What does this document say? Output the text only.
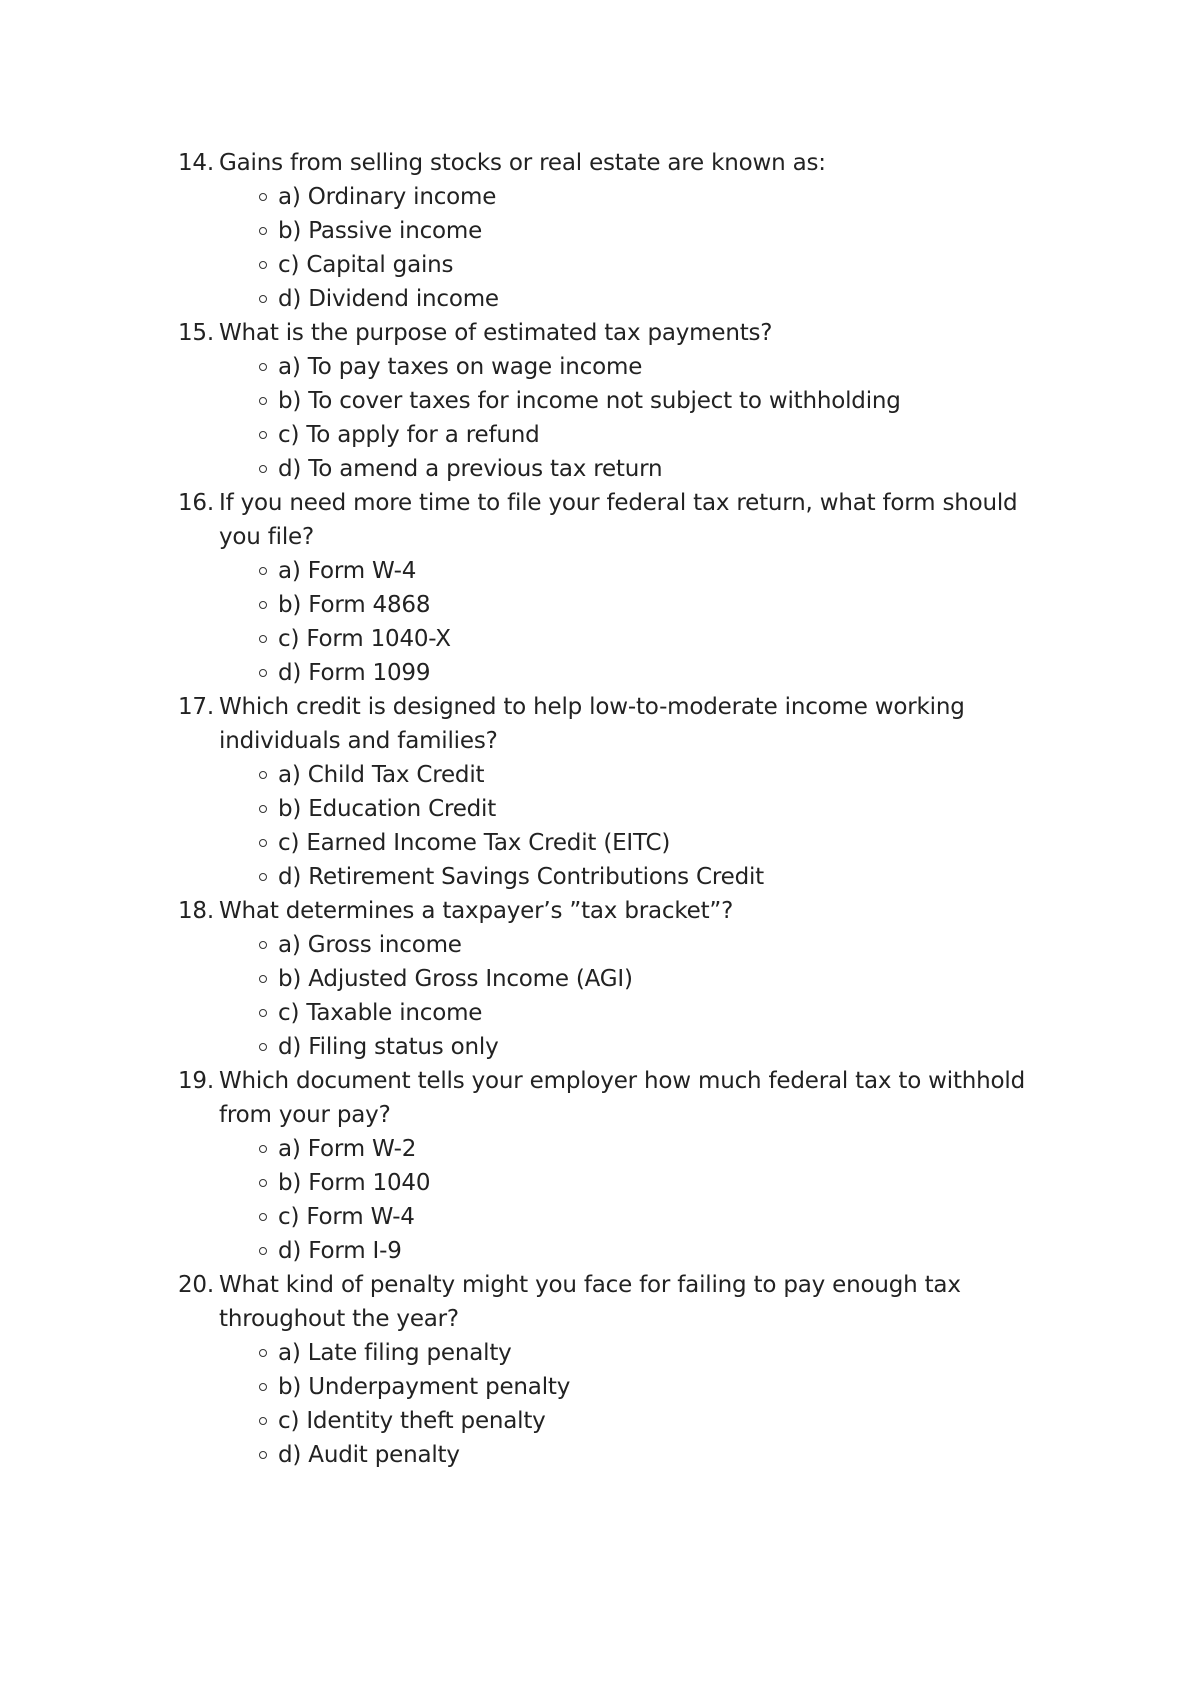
14. Gains from selling stocks or real estate are known as:
a) Ordinary income
b) Passive income
c) Capital gains
d) Dividend income
15. What is the purpose of estimated tax payments?
a) To pay taxes on wage income
b) To cover taxes for income not subject to withholding
c) To apply for a refund
d) To amend a previous tax return
16. If you need more time to file your federal tax return, what form should you file?
a) Form W-4
b) Form 4868
c) Form 1040-X
d) Form 1099
17. Which credit is designed to help low-to-moderate income working individuals and families?
a) Child Tax Credit
b) Education Credit
c) Earned Income Tax Credit (EITC)
d) Retirement Savings Contributions Credit
18. What determines a taxpayer’s ”tax bracket”?
a) Gross income
b) Adjusted Gross Income (AGI)
c) Taxable income
d) Filing status only
19. Which document tells your employer how much federal tax to withhold from your pay?
a) Form W-2
b) Form 1040
c) Form W-4
d) Form I-9
20. What kind of penalty might you face for failing to pay enough tax throughout the year?
a) Late filing penalty
b) Underpayment penalty
c) Identity theft penalty
d) Audit penalty
